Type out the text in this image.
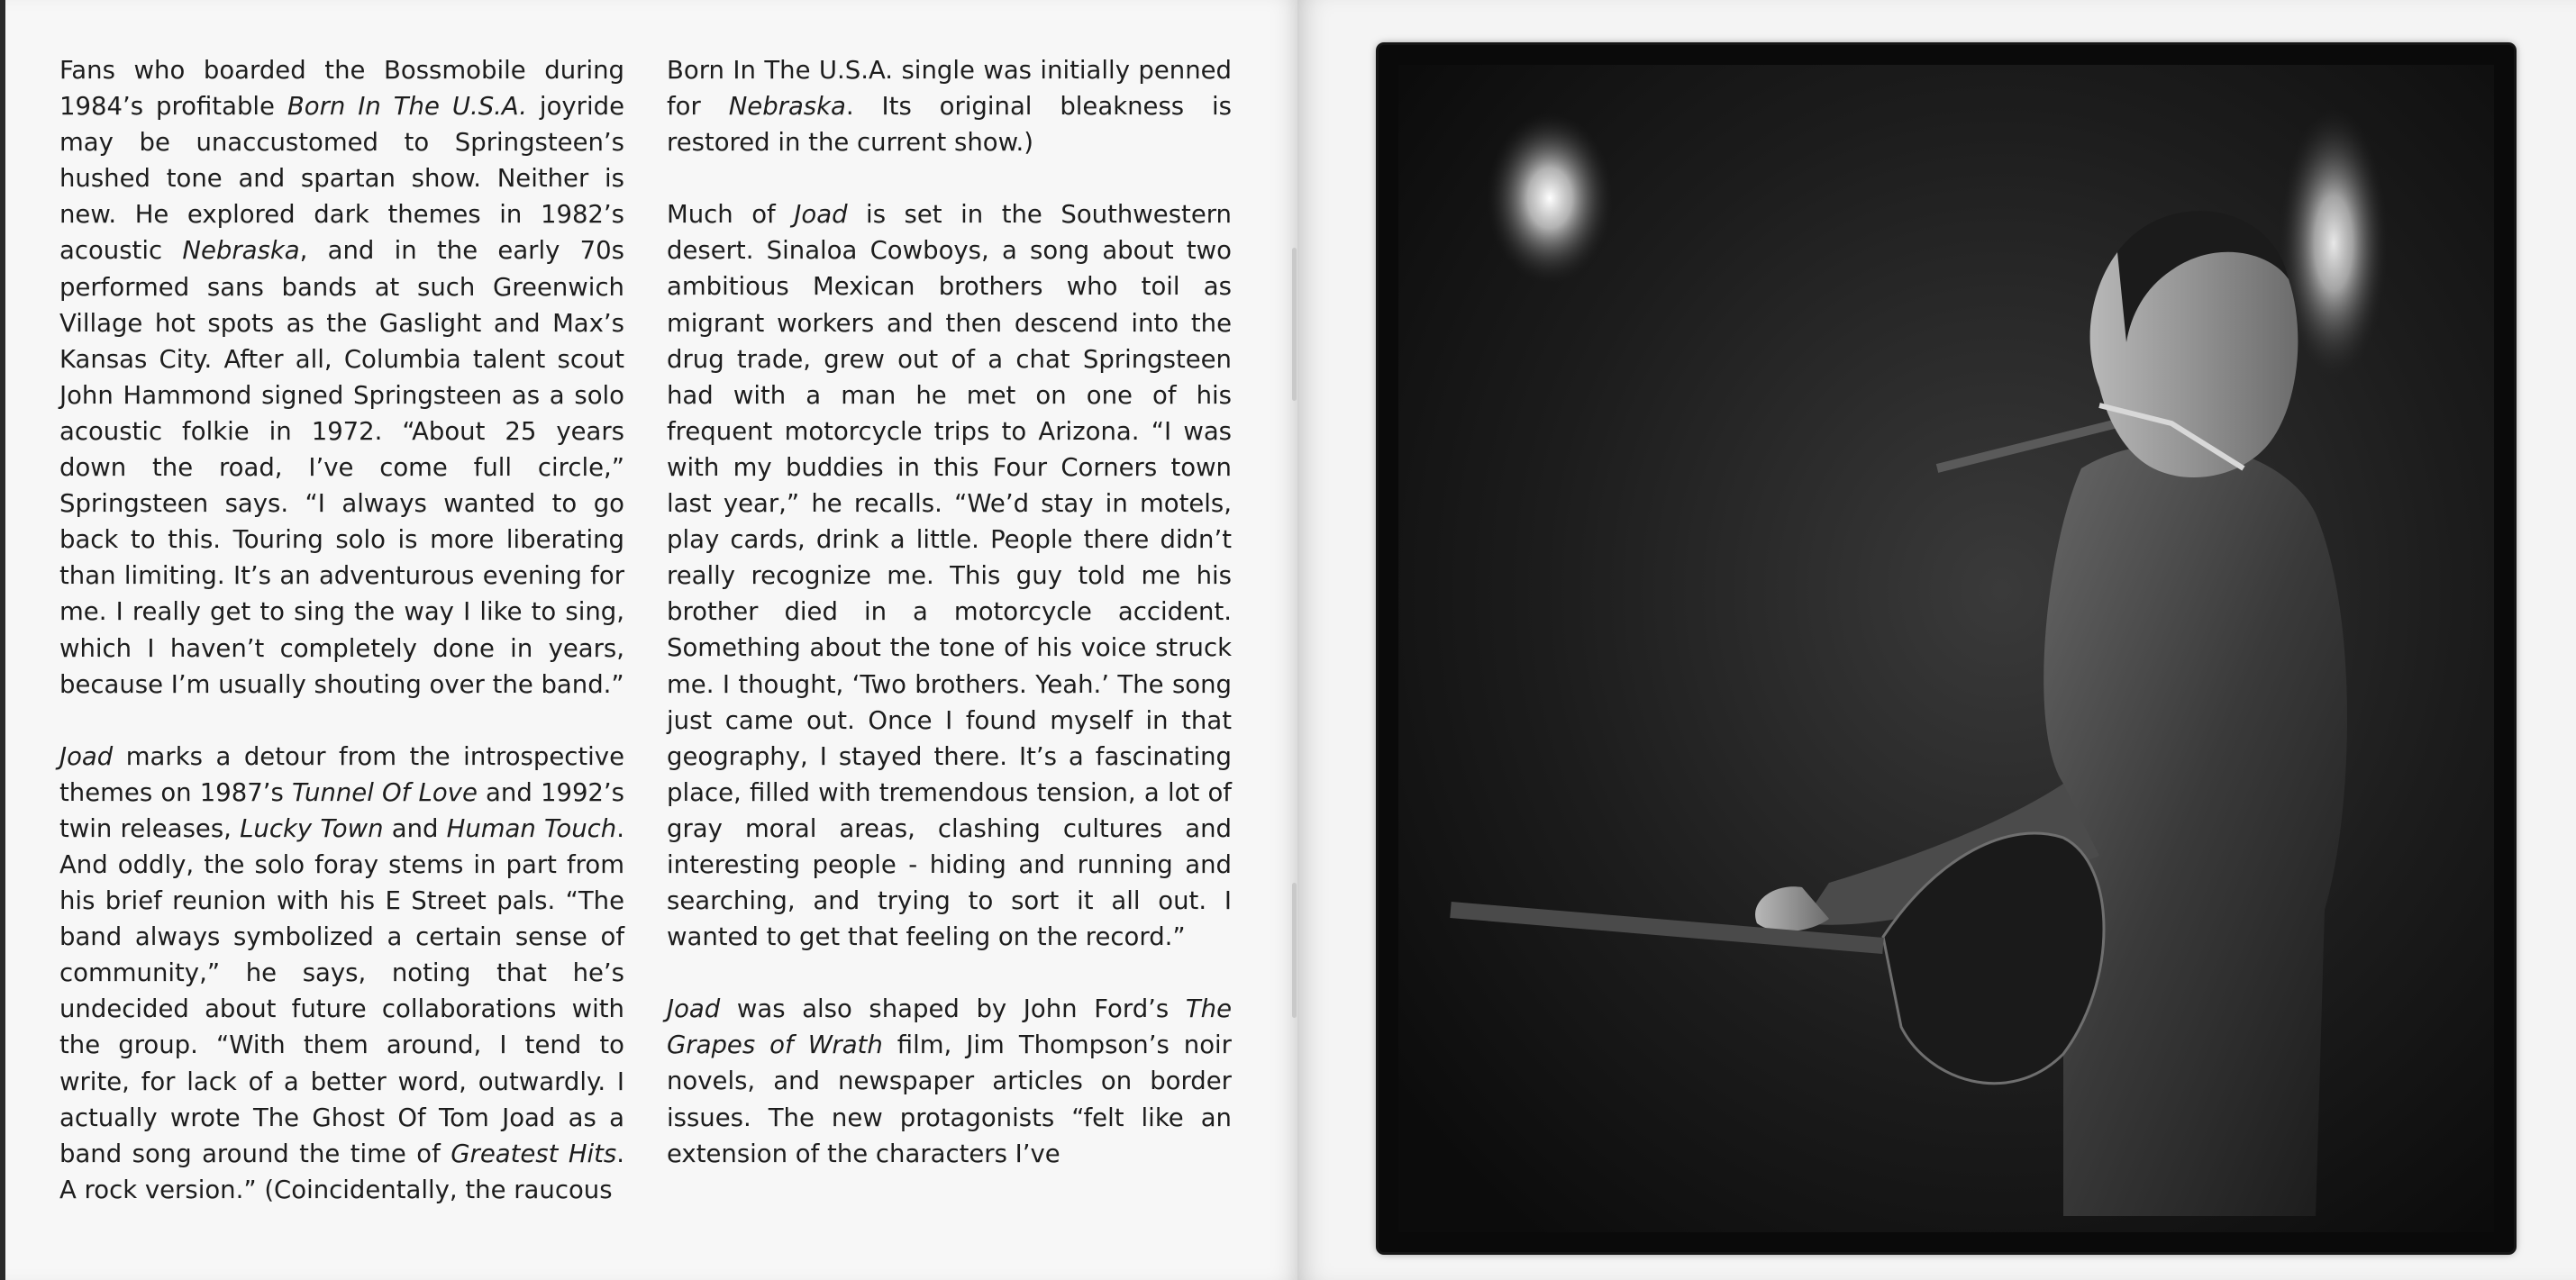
Fans who boarded the Bossmobile during 1984’s profitable Born In The U.S.A. joyride may be unaccustomed to Springsteen’s hushed tone and spartan show. Neither is new. He explored dark themes in 1982’s acoustic Nebraska, and in the early 70s performed sans bands at such Greenwich Village hot spots as the Gaslight and Max’s Kansas City. After all, Columbia talent scout John Hammond signed Springsteen as a solo acoustic folkie in 1972. “About 25 years down the road, I’ve come full circle,” Springsteen says. “I always wanted to go back to this. Touring solo is more liberating than limiting. It’s an adventurous evening for me. I really get to sing the way I like to sing, which I haven’t completely done in years, because I’m usually shouting over the band.”

Joad marks a detour from the introspective themes on 1987’s Tunnel Of Love and 1992’s twin releases, Lucky Town and Human Touch. And oddly, the solo foray stems in part from his brief reunion with his E Street pals. “The band always symbolized a certain sense of community,” he says, noting that he’s undecided about future collaborations with the group. “With them around, I tend to write, for lack of a better word, outwardly. I actually wrote The Ghost Of Tom Joad as a band song around the time of Greatest Hits. A rock version.” (Coincidentally, the raucous

Born In The U.S.A. single was initially penned for Nebraska. Its original bleakness is restored in the current show.)

Much of Joad is set in the Southwestern desert. Sinaloa Cowboys, a song about two ambitious Mexican brothers who toil as migrant workers and then descend into the drug trade, grew out of a chat Springsteen had with a man he met on one of his frequent motorcycle trips to Arizona. “I was with my buddies in this Four Corners town last year,” he recalls. “We’d stay in motels, play cards, drink a little. People there didn’t really recognize me. This guy told me his brother died in a motorcycle accident. Something about the tone of his voice struck me. I thought, ‘Two brothers. Yeah.’ The song just came out. Once I found myself in that geography, I stayed there. It’s a fascinating place, filled with tremendous tension, a lot of gray moral areas, clashing cultures and interesting people - hiding and running and searching, and trying to sort it all out. I wanted to get that feeling on the record.”

Joad was also shaped by John Ford’s The Grapes of Wrath film, Jim Thompson’s noir novels, and newspaper articles on border issues. The new protagonists “felt like an extension of the characters I’ve
